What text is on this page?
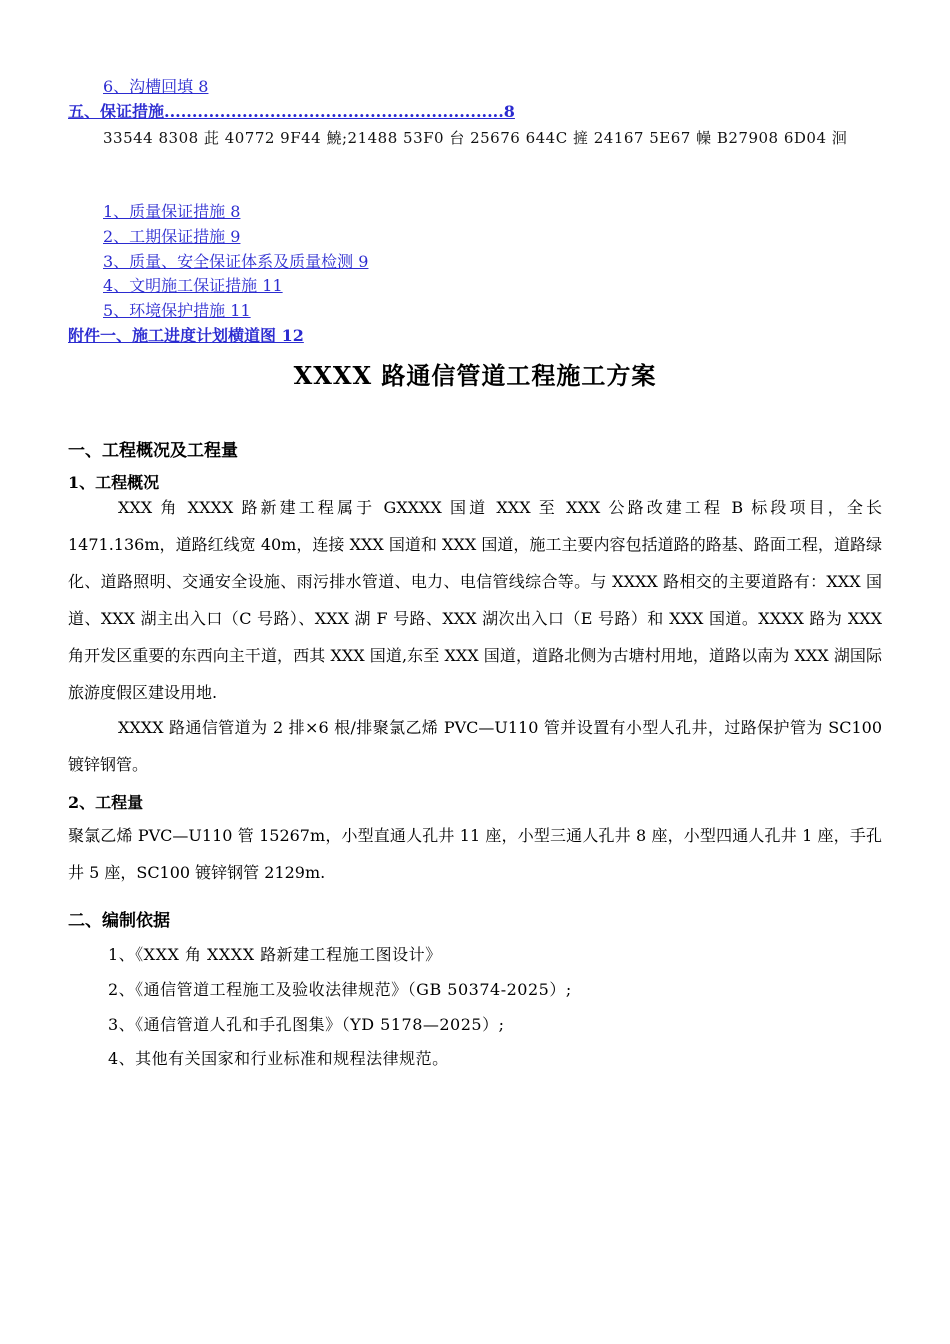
6、沟槽回填 8
五、保证措施.............................................................8
33544 8308 茈 40772 9F44 鱙;21488 53F0 台 25676 644C 摌 24167 5E67 幧 B27908 6D04 洄
1、质量保证措施 8
2、工期保证措施 9
3、质量、安全保证体系及质量检测 9
4、文明施工保证措施 11
5、环境保护措施 11
附件一、施工进度计划横道图 12
XXXX 路通信管道工程施工方案
一、工程概况及工程量
1、工程概况
XXX 角 XXXX 路新建工程属于 GXXXX 国道 XXX 至 XXX 公路改建工程 B 标段项目，全长 1471.136m，道路红线宽 40m，连接 XXX 国道和 XXX 国道，施工主要内容包括道路的路基、路面工程，道路绿化、道路照明、交通安全设施、雨污排水管道、电力、电信管线综合等。与 XXXX 路相交的主要道路有：XXX 国道、XXX 湖主出入口（C 号路）、XXX 湖 F 号路、XXX 湖次出入口（E 号路）和 XXX 国道。XXXX 路为 XXX 角开发区重要的东西向主干道，西其 XXX 国道,东至 XXX 国道，道路北侧为古塘村用地，道路以南为 XXX 湖国际旅游度假区建设用地.
XXXX 路通信管道为 2 排×6 根/排聚氯乙烯 PVC—U110 管并设置有小型人孔井，过路保护管为 SC100 镀锌钢管。
2、工程量
聚氯乙烯 PVC—U110 管 15267m，小型直通人孔井 11 座，小型三通人孔井 8 座，小型四通人孔井 1 座，手孔井 5 座，SC100 镀锌钢管 2129m.
二、编制依据
1、《XXX 角 XXXX 路新建工程施工图设计》
2、《通信管道工程施工及验收法律规范》（GB 50374-2025）;
3、《通信管道人孔和手孔图集》（YD 5178—2025）;
4、其他有关国家和行业标准和规程法律规范。
